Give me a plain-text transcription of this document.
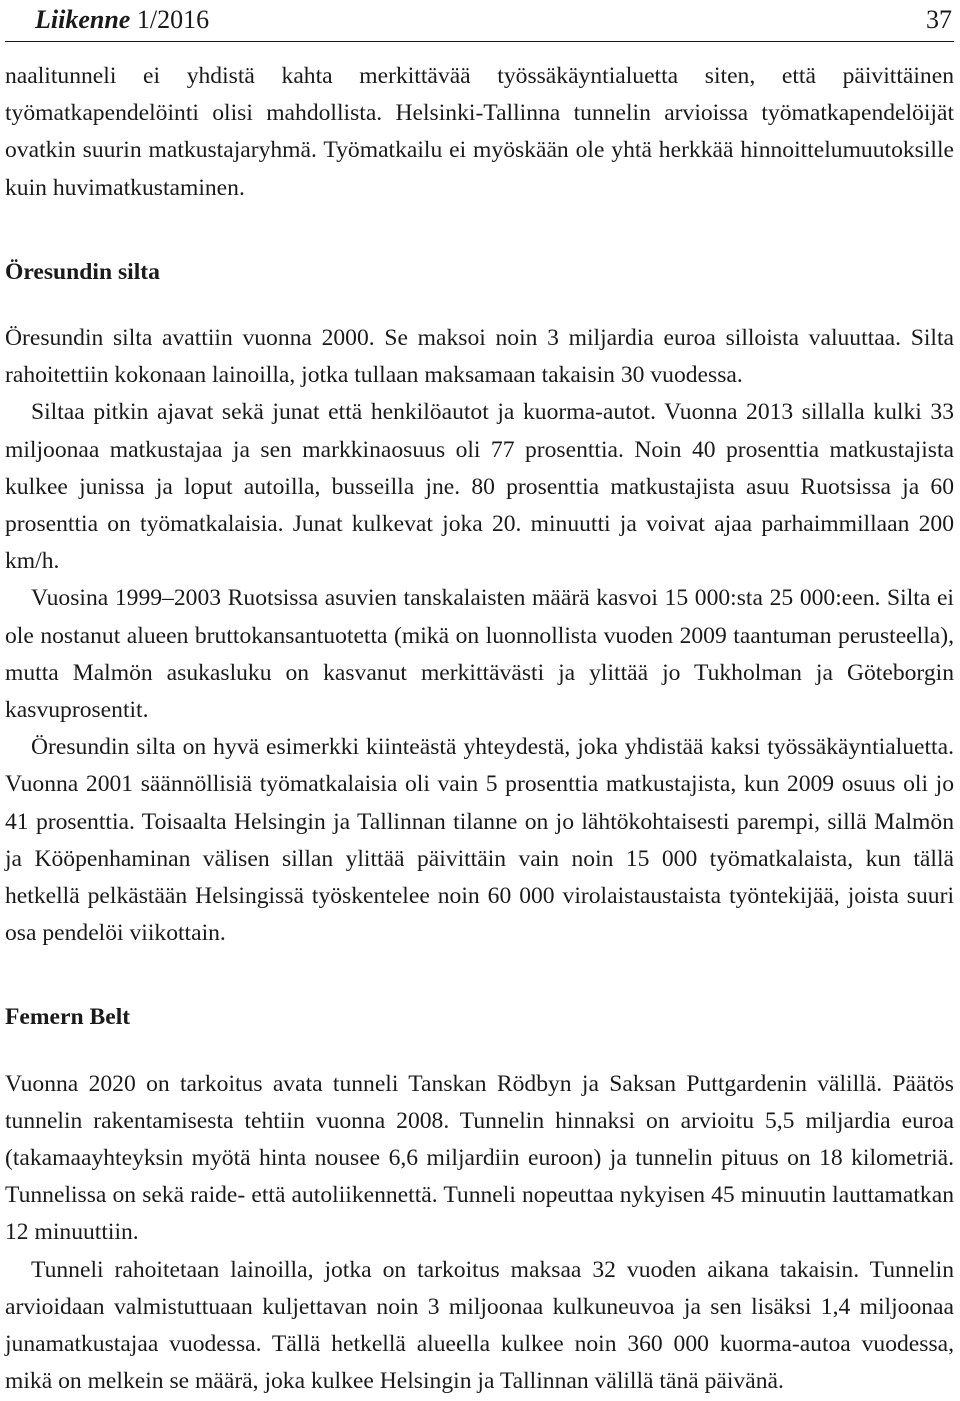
Liikenne 1/2016	37

naalitunneli ei yhdistä kahta merkittävää työssäkäyntialuetta siten, että päivittäinen työmatkapendelöinti olisi mahdollista. Helsinki-Tallinna tunnelin arvioissa työmatkapendelöijät ovatkin suurin matkustajaryhmä. Työmatkailu ei myöskään ole yhtä herkkää hinnoittelumuutoksille kuin huvimatkustaminen.

Öresundin silta

Öresundin silta avattiin vuonna 2000. Se maksoi noin 3 miljardia euroa silloista valuuttaa. Silta rahoitettiin kokonaan lainoilla, jotka tullaan maksamaan takaisin 30 vuodessa.

Siltaa pitkin ajavat sekä junat että henkilöautot ja kuorma-autot. Vuonna 2013 sillalla kulki 33 miljoonaa matkustajaa ja sen markkinaosuus oli 77 prosenttia. Noin 40 prosenttia matkustajista kulkee junissa ja loput autoilla, busseilla jne. 80 prosenttia matkustajista asuu Ruotsissa ja 60 prosenttia on työmatkalaisia. Junat kulkevat joka 20. minuutti ja voivat ajaa parhaimmillaan 200 km/h.

Vuosina 1999–2003 Ruotsissa asuvien tanskalaisten määrä kasvoi 15 000:sta 25 000:een. Silta ei ole nostanut alueen bruttokansantuotetta (mikä on luonnollista vuoden 2009 taantuman perusteella), mutta Malmön asukasluku on kasvanut merkittävästi ja ylittää jo Tukholman ja Göteborgin kasvuprosentit.

Öresundin silta on hyvä esimerkki kiinteästä yhteydestä, joka yhdistää kaksi työssäkäyntialuetta. Vuonna 2001 säännöllisiä työmatkalaisia oli vain 5 prosenttia matkustajista, kun 2009 osuus oli jo 41 prosenttia. Toisaalta Helsingin ja Tallinnan tilanne on jo lähtökohtaisesti parempi, sillä Malmön ja Kööpenhaminan välisen sillan ylittää päivittäin vain noin 15 000 työmatkalaista, kun tällä hetkellä pelkästään Helsingissä työskentelee noin 60 000 virolaistaustaista työntekijää, joista suuri osa pendelöi viikottain.

Femern Belt

Vuonna 2020 on tarkoitus avata tunneli Tanskan Rödbyn ja Saksan Puttgardenin välillä. Päätös tunnelin rakentamisesta tehtiin vuonna 2008. Tunnelin hinnaksi on arvioitu 5,5 miljardia euroa (takamaayhteyksin myötä hinta nousee 6,6 miljardiin euroon) ja tunnelin pituus on 18 kilometriä. Tunnelissa on sekä raide- että autoliikennettä. Tunneli nopeuttaa nykyisen 45 minuutin lauttamatkan 12 minuuttiin.

Tunneli rahoitetaan lainoilla, jotka on tarkoitus maksaa 32 vuoden aikana takaisin. Tunnelin arvioidaan valmistuttuaan kuljettavan noin 3 miljoonaa kulkuneuvoa ja sen lisäksi 1,4 miljoonaa junamatkustajaa vuodessa. Tällä hetkellä alueella kulkee noin 360 000 kuorma-autoa vuodessa, mikä on melkein se määrä, joka kulkee Helsingin ja Tallinnan välillä tänä päivänä.
